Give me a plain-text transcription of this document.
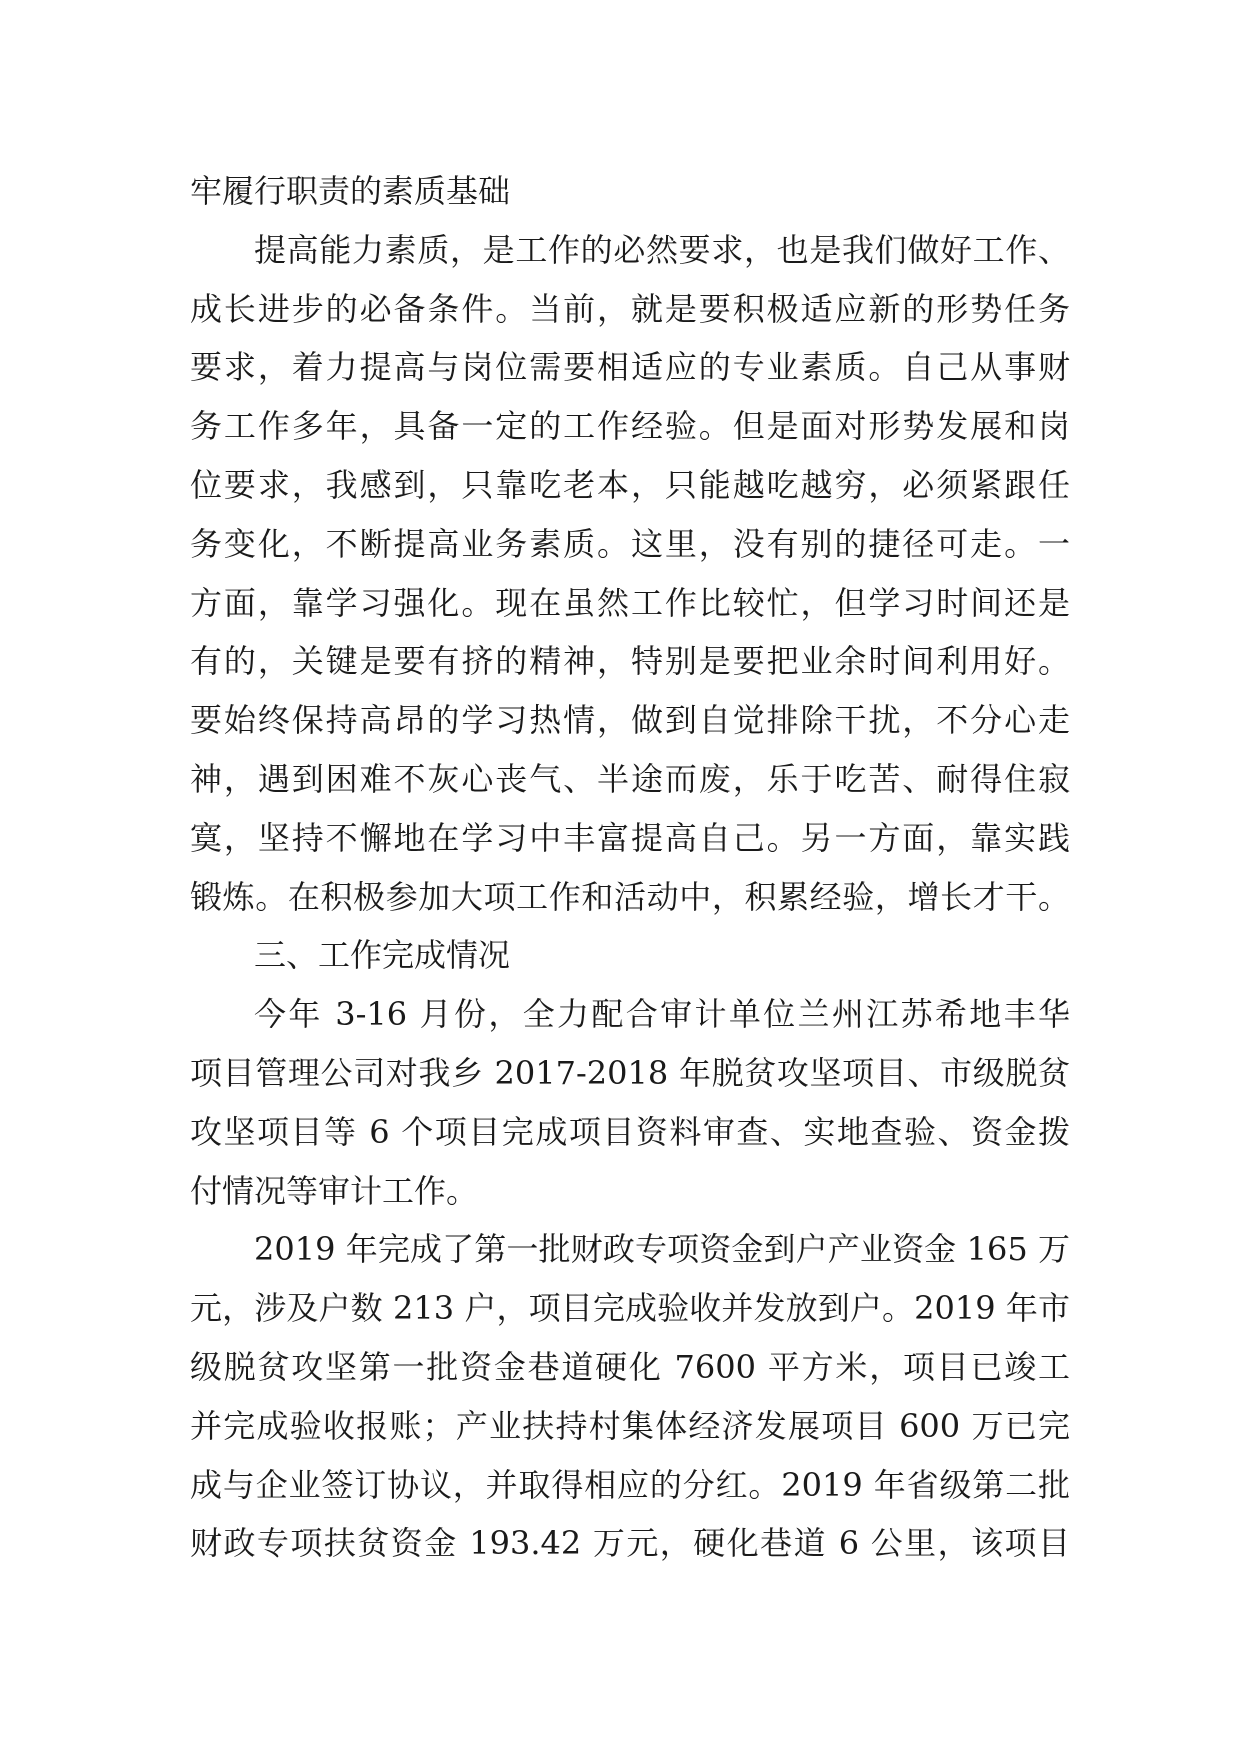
牢履行职责的素质基础
提高能力素质，是工作的必然要求，也是我们做好工作、
成长进步的必备条件。当前，就是要积极适应新的形势任务
要求，着力提高与岗位需要相适应的专业素质。自己从事财
务工作多年，具备一定的工作经验。但是面对形势发展和岗
位要求，我感到，只靠吃老本，只能越吃越穷，必须紧跟任
务变化，不断提高业务素质。这里，没有别的捷径可走。一
方面，靠学习强化。现在虽然工作比较忙，但学习时间还是
有的，关键是要有挤的精神，特别是要把业余时间利用好。
要始终保持高昂的学习热情，做到自觉排除干扰，不分心走
神，遇到困难不灰心丧气、半途而废，乐于吃苦、耐得住寂
寞，坚持不懈地在学习中丰富提高自己。另一方面，靠实践
锻炼。在积极参加大项工作和活动中，积累经验，增长才干。
三、工作完成情况
今年 3-16 月份，全力配合审计单位兰州江苏希地丰华
项目管理公司对我乡 2017-2018 年脱贫攻坚项目、市级脱贫
攻坚项目等 6 个项目完成项目资料审查、实地查验、资金拨
付情况等审计工作。
2019 年完成了第一批财政专项资金到户产业资金 165 万
元，涉及户数 213 户，项目完成验收并发放到户。2019 年市
级脱贫攻坚第一批资金巷道硬化 7600 平方米，项目已竣工
并完成验收报账；产业扶持村集体经济发展项目 600 万已完
成与企业签订协议，并取得相应的分红。2019 年省级第二批
财政专项扶贫资金 193.42 万元，硬化巷道 6 公里，该项目
